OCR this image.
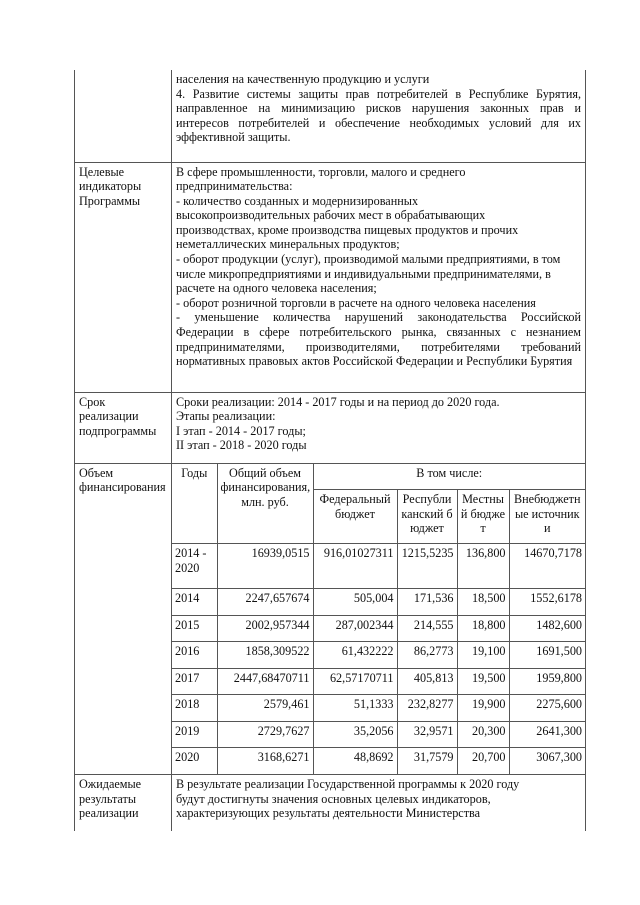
населения на качественную продукцию и услуги
4. Развитие системы защиты прав потребителей в Республике Бурятия, направленное на минимизацию рисков нарушения законных прав и интересов потребителей и обеспечение необходимых условий для их эффективной защиты.

Целевые индикаторы Программы	
В сфере промышленности, торговли, малого и среднего предпринимательства:
- количество созданных и модернизированных высокопроизводительных рабочих мест в обрабатывающих производствах, кроме производства пищевых продуктов и прочих неметаллических минеральных продуктов;
- оборот продукции (услуг), производимой малыми предприятиями, в том числе микропредприятиями и индивидуальными предпринимателями, в расчете на одного человека населения;
- оборот розничной торговли в расчете на одного человека населения
- уменьшение количества нарушений законодательства Российской Федерации в сфере потребительского рынка, связанных с незнанием предпринимателями, производителями, потребителями требований нормативных правовых актов Российской Федерации и Республики Бурятия

Срок реализации подпрограммы	
Сроки реализации: 2014 - 2017 годы и на период до 2020 года.
Этапы реализации:
I этап - 2014 - 2017 годы;
II этап - 2018 - 2020 годы

Объем финансирования	
Годы	Общий объем финансирования, млн. руб.	В том числе:
Федеральный бюджет	Республиканский бюджет	Местный бюджет	Внебюджетные источники
2014 - 2020	16939,0515	916,01027311	1215,5235	136,800	14670,7178
2014	2247,657674	505,004	171,536	18,500	1552,6178
2015	2002,957344	287,002344	214,555	18,800	1482,600
2016	1858,309522	61,432222	86,2773	19,100	1691,500
2017	2447,68470711	62,57170711	405,813	19,500	1959,800
2018	2579,461	51,1333	232,8277	19,900	2275,600
2019	2729,7627	35,2056	32,9571	20,300	2641,300
2020	3168,6271	48,8692	31,7579	20,700	3067,300

Ожидаемые результаты реализации	В результате реализации Государственной программы к 2020 году будут достигнуты значения основных целевых индикаторов, характеризующих результаты деятельности Министерства
